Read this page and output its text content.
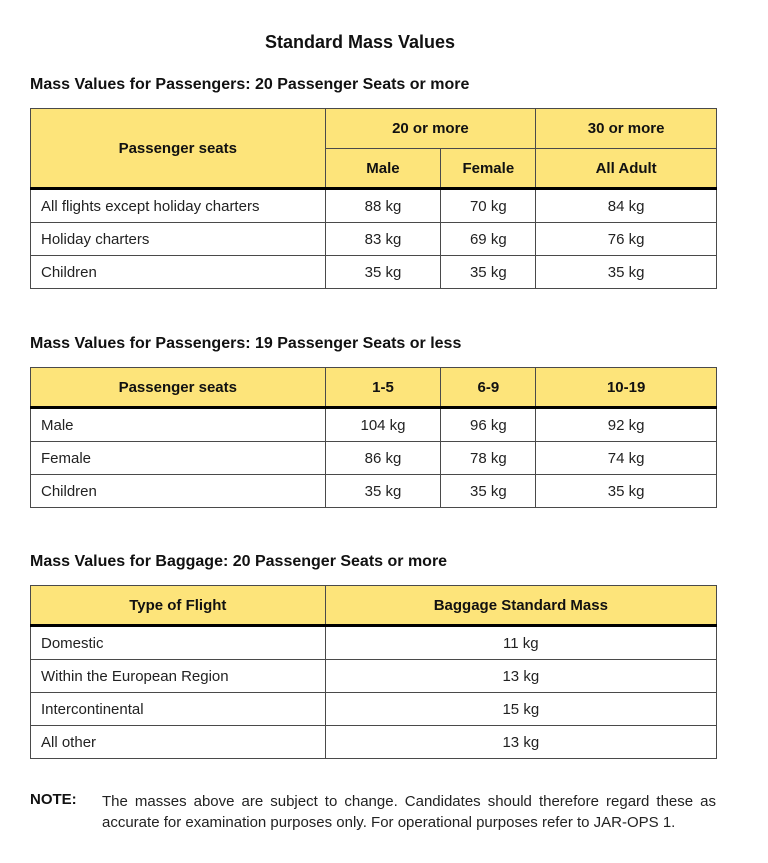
Standard Mass Values
Mass Values for Passengers: 20 Passenger Seats or more
Passenger seats	20 or more		30 or more
	Male	Female	All Adult
All flights except holiday charters	88 kg	70 kg	84 kg
Holiday charters	83 kg	69 kg	76 kg
Children	35 kg	35 kg	35 kg
Mass Values for Passengers: 19 Passenger Seats or less
Passenger seats	1-5	6-9	10-19
Male	104 kg	96 kg	92 kg
Female	86 kg	78 kg	74 kg
Children	35 kg	35 kg	35 kg
Mass Values for Baggage: 20 Passenger Seats or more
Type of Flight	Baggage Standard Mass
Domestic	11 kg
Within the European Region	13 kg
Intercontinental	15 kg
All other	13 kg
NOTE: The masses above are subject to change. Candidates should therefore regard these as accurate for examination purposes only. For operational purposes refer to JAR-OPS 1.
